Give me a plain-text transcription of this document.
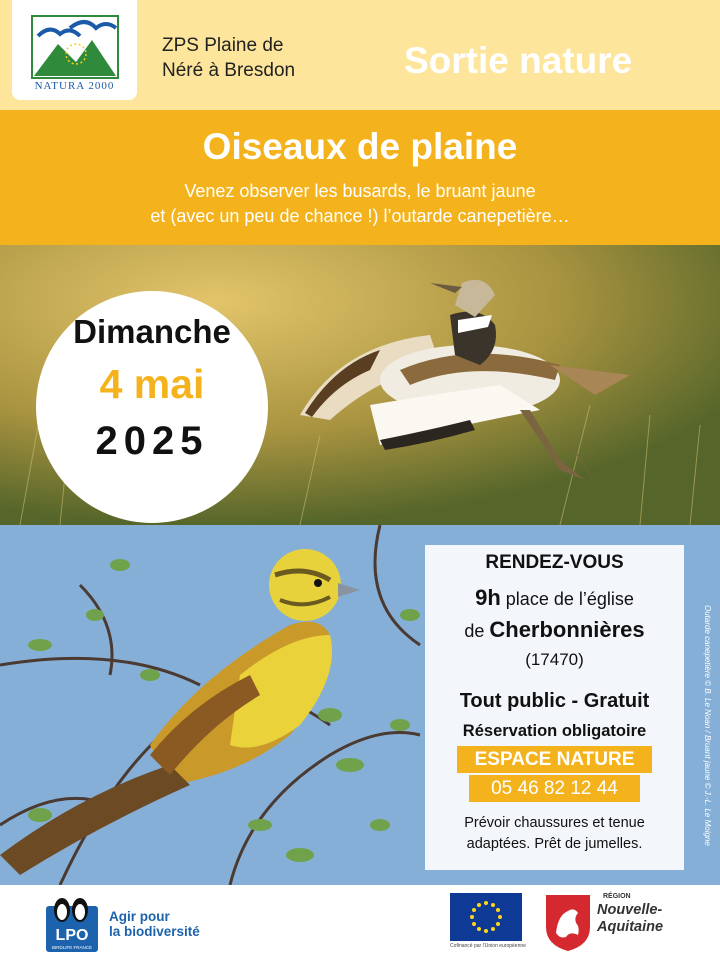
NATURA 2000
ZPS Plaine de
Néré à Bresdon	Sortie nature
Oiseaux de plaine
Venez observer les busards, le bruant jaune
et (avec un peu de chance !) l’outarde canepetière…
Dimanche
4 mai
2025
RENDEZ-VOUS
9h place de l’église
de Cherbonnières
(17470)
Tout public - Gratuit
Réservation obligatoire
ESPACE NATURE
05 46 82 12 44
Prévoir chaussures et tenue
adaptées. Prêt de jumelles.	Outarde canepetière © B. Le Noan / Bruant jaune © J.-L. Le Moigne
LPO
BIRDLIFE FRANCE
Agir pour
la biodiversité
Cofinancé par l’Union européenne
RÉGION
Nouvelle-
Aquitaine
